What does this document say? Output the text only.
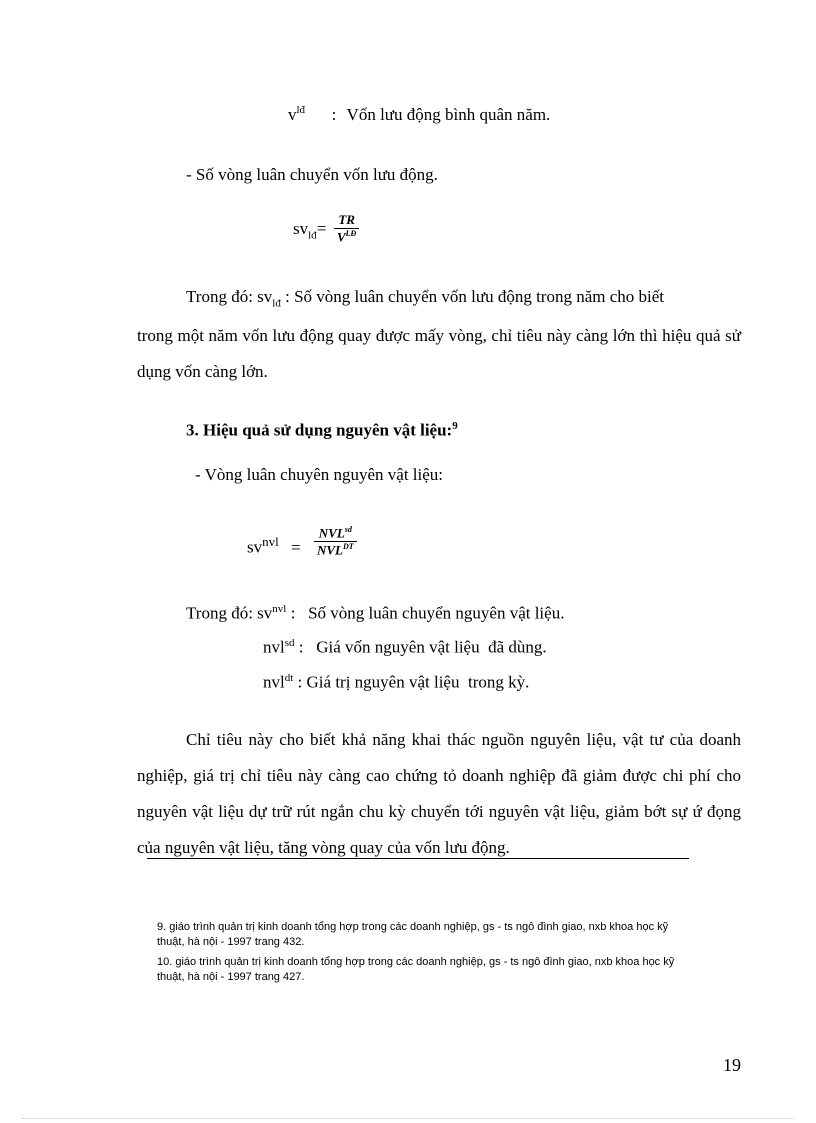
$v^{lđ}$ : Vốn lưu động bình quân năm.
- Số vòng luân chuyển vốn lưu động.
$sv_{lđ}=$ TR
$V^{LĐ}$
Trong đó: $sv_{lđ}$ : Số vòng luân chuyển vốn lưu động trong năm cho biết
trong một năm vốn lưu động quay được mấy vòng, chỉ tiêu này càng lớn thì hiệu quả sử dụng vốn càng lớn.
3. Hiệu quả sử dụng nguyên vật liệu:$^9$
- Vòng luân chuyên nguyên vật liệu:
$sv^{nvl}$ =
$NVL^{sd}$
$NVL^{DT}$
Trong đó: $sv^{nvl}$ :   Số vòng luân chuyển nguyên vật liệu.
nvl$^{sd}$ :   Giá vốn nguyên vật liệu  đã dùng.
nvl$^{dt}$ : Giá trị nguyên vật liệu  trong kỳ.
Chỉ tiêu này cho biết khả năng khai thác nguồn nguyên liệu, vật tư của doanh nghiệp, giá trị chỉ tiêu này càng cao chứng tỏ doanh nghiệp đã giảm được chi phí cho nguyên vật liệu dự trữ rút ngắn chu kỳ chuyển tới nguyên vật liệu, giảm bớt sự ứ đọng của nguyên vật liệu, tăng vòng quay của vốn lưu động.
9. giáo trình quản trị kinh doanh tổng hợp trong các doanh nghiệp, gs - ts ngô đình giao, nxb khoa học kỹ thuật, hà nội - 1997 trang 432.
10. giáo trình quản trị kinh doanh tổng hợp trong các doanh nghiệp, gs - ts ngô đình giao, nxb khoa học kỹ thuật, hà nội - 1997 trang 427.
19
